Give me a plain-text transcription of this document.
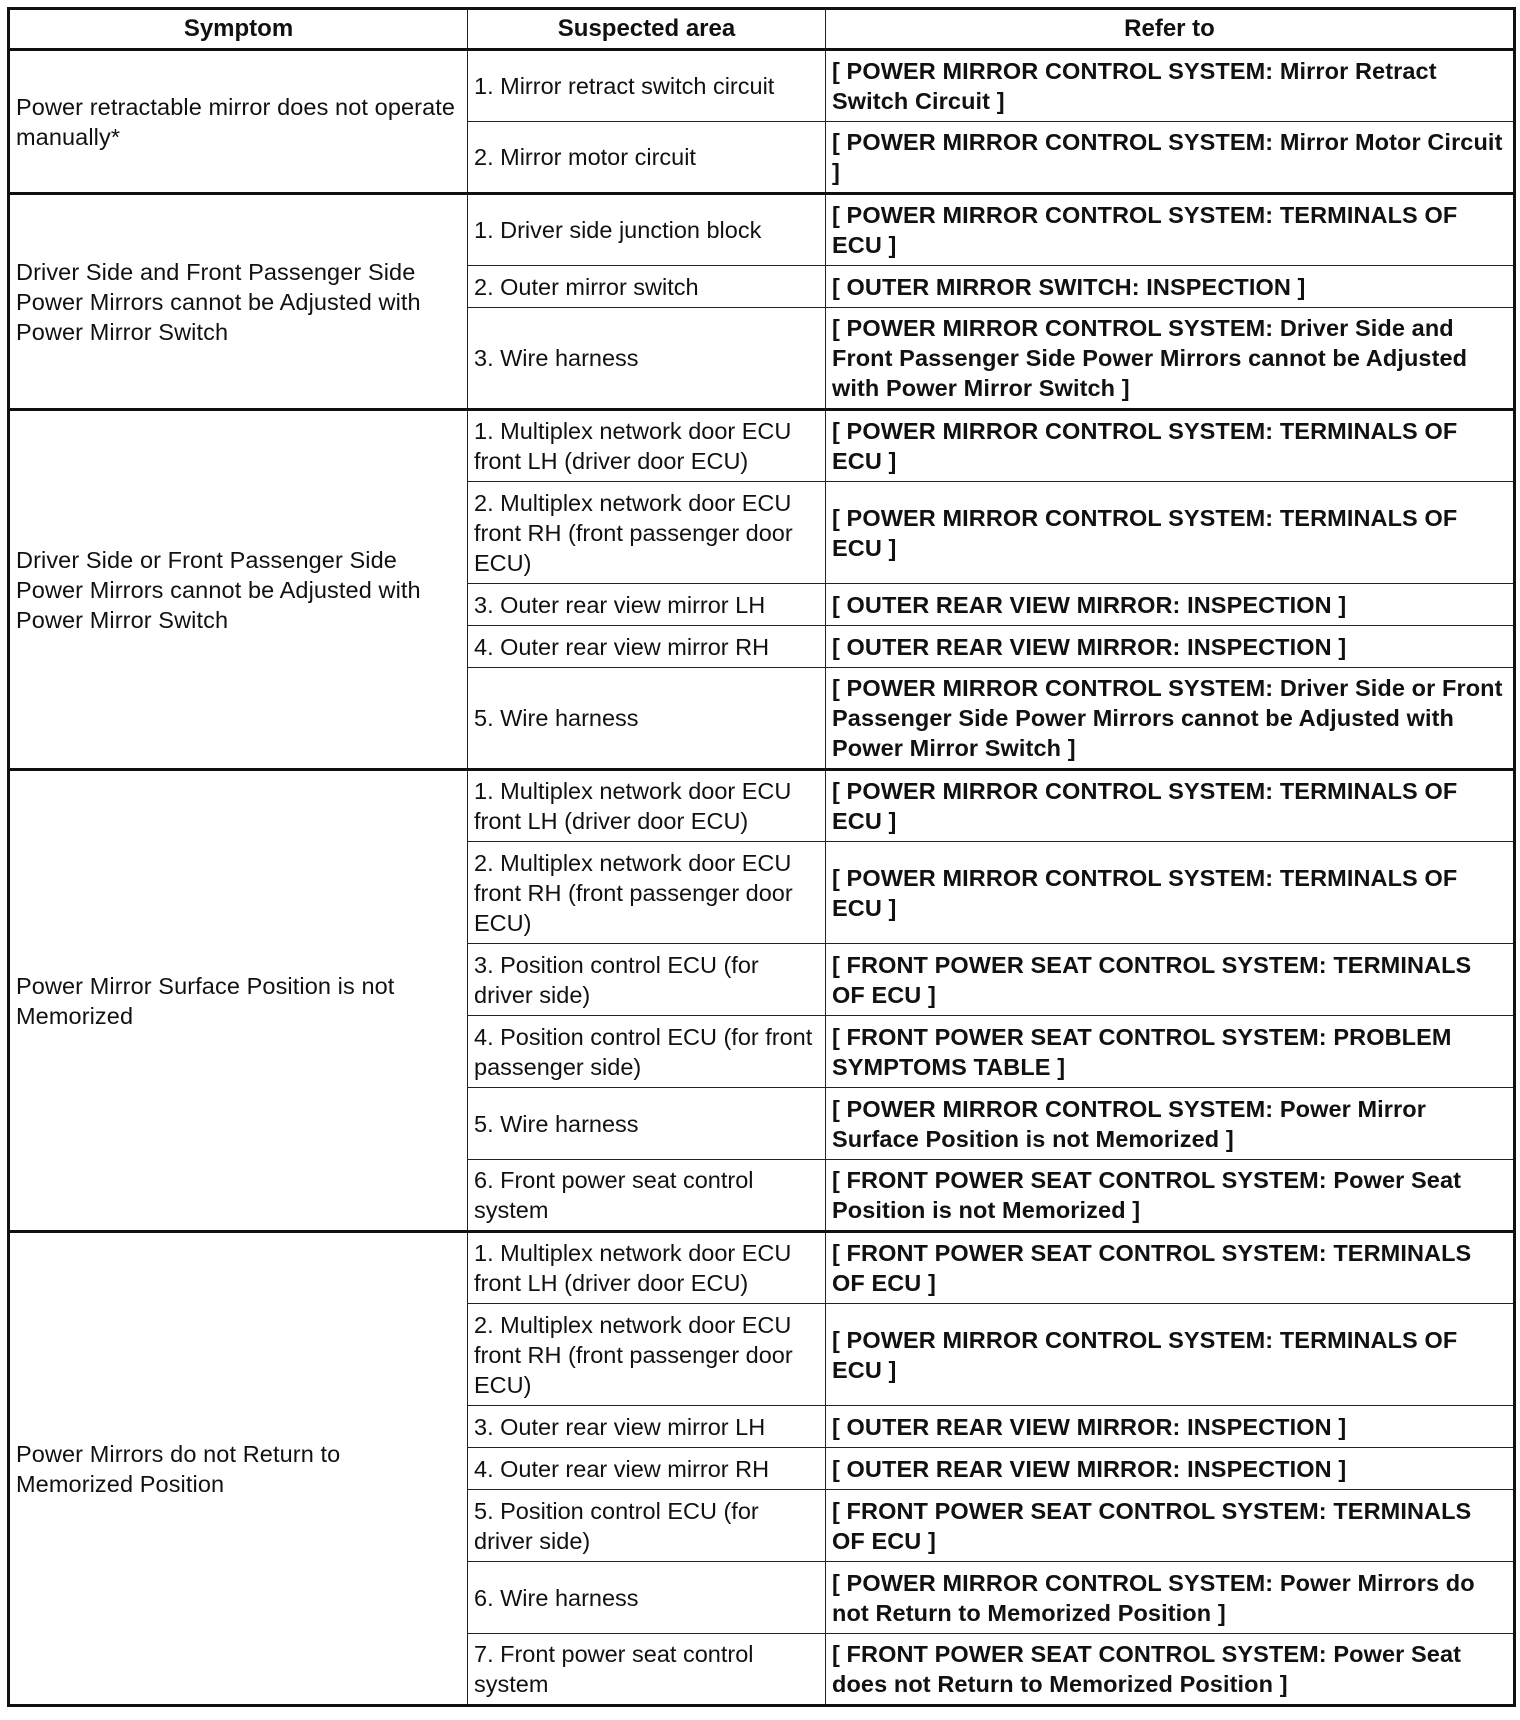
Symptom	Suspected area	Refer to
Power retractable mirror does not operate manually*	1. Mirror retract switch circuit	[ POWER MIRROR CONTROL SYSTEM: Mirror Retract Switch Circuit ]
	2. Mirror motor circuit	[ POWER MIRROR CONTROL SYSTEM: Mirror Motor Circuit ]
Driver Side and Front Passenger Side Power Mirrors cannot be Adjusted with Power Mirror Switch	1. Driver side junction block	[ POWER MIRROR CONTROL SYSTEM: TERMINALS OF ECU ]
	2. Outer mirror switch	[ OUTER MIRROR SWITCH: INSPECTION ]
	3. Wire harness	[ POWER MIRROR CONTROL SYSTEM: Driver Side and Front Passenger Side Power Mirrors cannot be Adjusted with Power Mirror Switch ]
Driver Side or Front Passenger Side Power Mirrors cannot be Adjusted with Power Mirror Switch	1. Multiplex network door ECU front LH (driver door ECU)	[ POWER MIRROR CONTROL SYSTEM: TERMINALS OF ECU ]
	2. Multiplex network door ECU front RH (front passenger door ECU)	[ POWER MIRROR CONTROL SYSTEM: TERMINALS OF ECU ]
	3. Outer rear view mirror LH	[ OUTER REAR VIEW MIRROR: INSPECTION ]
	4. Outer rear view mirror RH	[ OUTER REAR VIEW MIRROR: INSPECTION ]
	5. Wire harness	[ POWER MIRROR CONTROL SYSTEM: Driver Side or Front Passenger Side Power Mirrors cannot be Adjusted with Power Mirror Switch ]
Power Mirror Surface Position is not Memorized	1. Multiplex network door ECU front LH (driver door ECU)	[ POWER MIRROR CONTROL SYSTEM: TERMINALS OF ECU ]
	2. Multiplex network door ECU front RH (front passenger door ECU)	[ POWER MIRROR CONTROL SYSTEM: TERMINALS OF ECU ]
	3. Position control ECU (for driver side)	[ FRONT POWER SEAT CONTROL SYSTEM: TERMINALS OF ECU ]
	4. Position control ECU (for front passenger side)	[ FRONT POWER SEAT CONTROL SYSTEM: PROBLEM SYMPTOMS TABLE ]
	5. Wire harness	[ POWER MIRROR CONTROL SYSTEM: Power Mirror Surface Position is not Memorized ]
	6. Front power seat control system	[ FRONT POWER SEAT CONTROL SYSTEM: Power Seat Position is not Memorized ]
Power Mirrors do not Return to Memorized Position	1. Multiplex network door ECU front LH (driver door ECU)	[ FRONT POWER SEAT CONTROL SYSTEM: TERMINALS OF ECU ]
	2. Multiplex network door ECU front RH (front passenger door ECU)	[ POWER MIRROR CONTROL SYSTEM: TERMINALS OF ECU ]
	3. Outer rear view mirror LH	[ OUTER REAR VIEW MIRROR: INSPECTION ]
	4. Outer rear view mirror RH	[ OUTER REAR VIEW MIRROR: INSPECTION ]
	5. Position control ECU (for driver side)	[ FRONT POWER SEAT CONTROL SYSTEM: TERMINALS OF ECU ]
	6. Wire harness	[ POWER MIRROR CONTROL SYSTEM: Power Mirrors do not Return to Memorized Position ]
	7. Front power seat control system	[ FRONT POWER SEAT CONTROL SYSTEM: Power Seat does not Return to Memorized Position ]
